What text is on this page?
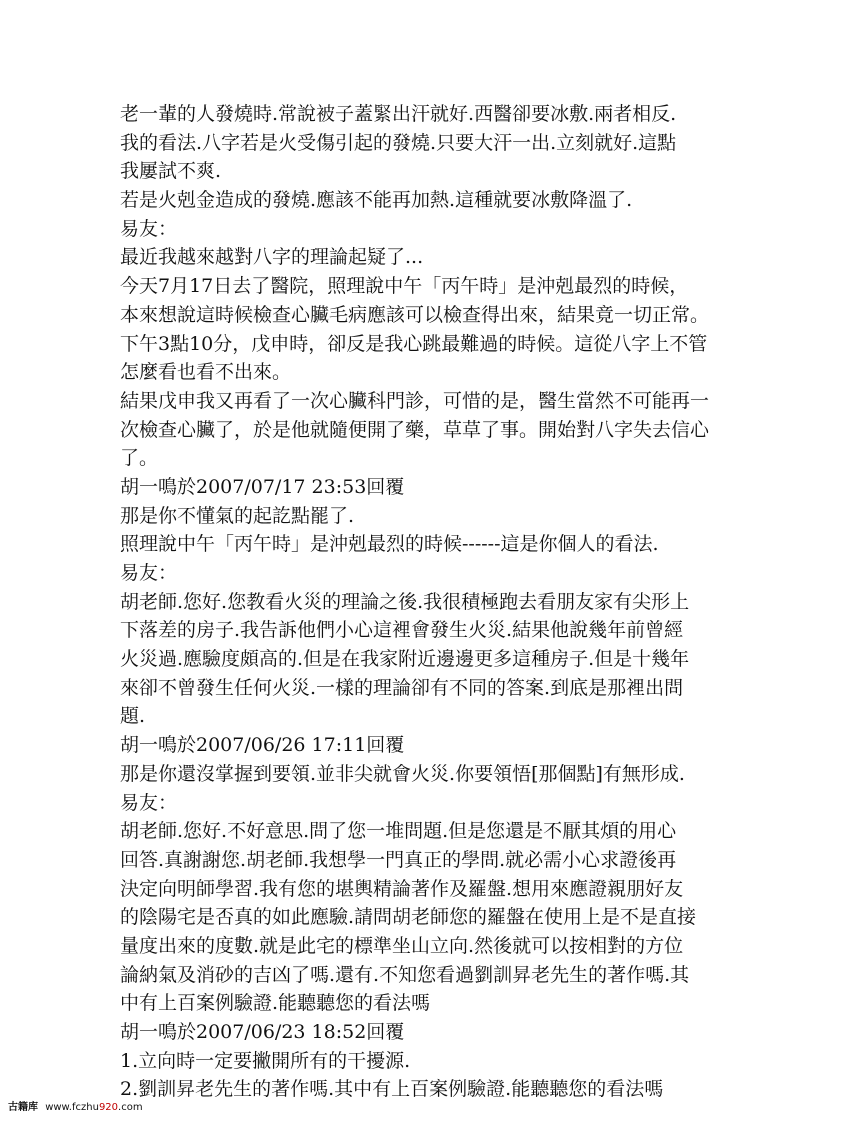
老一輩的人發燒時.常說被子蓋緊出汗就好.西醫卻要冰敷.兩者相反.
我的看法.八字若是火受傷引起的發燒.只要大汗一出.立刻就好.這點
我屢試不爽.
若是火剋金造成的發燒.應該不能再加熱.這種就要冰敷降溫了.
易友：
最近我越來越對八字的理論起疑了...
今天7月17日去了醫院，照理說中午「丙午時」是沖剋最烈的時候，
本來想說這時候檢查心臟毛病應該可以檢查得出來，結果竟一切正常。
下午3點10分，戊申時，卻反是我心跳最難過的時候。這從八字上不管
怎麼看也看不出來。
結果戊申我又再看了一次心臟科門診，可惜的是，醫生當然不可能再一
次檢查心臟了，於是他就隨便開了藥，草草了事。開始對八字失去信心
了。
胡一鳴於2007/07/17 23:53回覆
那是你不懂氣的起訖點罷了.
照理說中午「丙午時」是沖剋最烈的時候------這是你個人的看法.
易友：
胡老師.您好.您教看火災的理論之後.我很積極跑去看朋友家有尖形上
下落差的房子.我告訴他們小心這裡會發生火災.結果他說幾年前曾經
火災過.應驗度頗高的.但是在我家附近邊邊更多這種房子.但是十幾年
來卻不曾發生任何火災.一樣的理論卻有不同的答案.到底是那裡出問
題.
胡一鳴於2007/06/26 17:11回覆
那是你還沒掌握到要領.並非尖就會火災.你要領悟[那個點]有無形成.
易友：
胡老師.您好.不好意思.問了您一堆問題.但是您還是不厭其煩的用心
回答.真謝謝您.胡老師.我想學一門真正的學問.就必需小心求證後再
決定向明師學習.我有您的堪輿精論著作及羅盤.想用來應證親朋好友
的陰陽宅是否真的如此應驗.請問胡老師您的羅盤在使用上是不是直接
量度出來的度數.就是此宅的標準坐山立向.然後就可以按相對的方位
論納氣及消砂的吉凶了嗎.還有.不知您看過劉訓昇老先生的著作嗎.其
中有上百案例驗證.能聽聽您的看法嗎
胡一鳴於2007/06/23 18:52回覆
1.立向時一定要撇開所有的干擾源.
2.劉訓昇老先生的著作嗎.其中有上百案例驗證.能聽聽您的看法嗎
古籍库 www.fczhu920.com
